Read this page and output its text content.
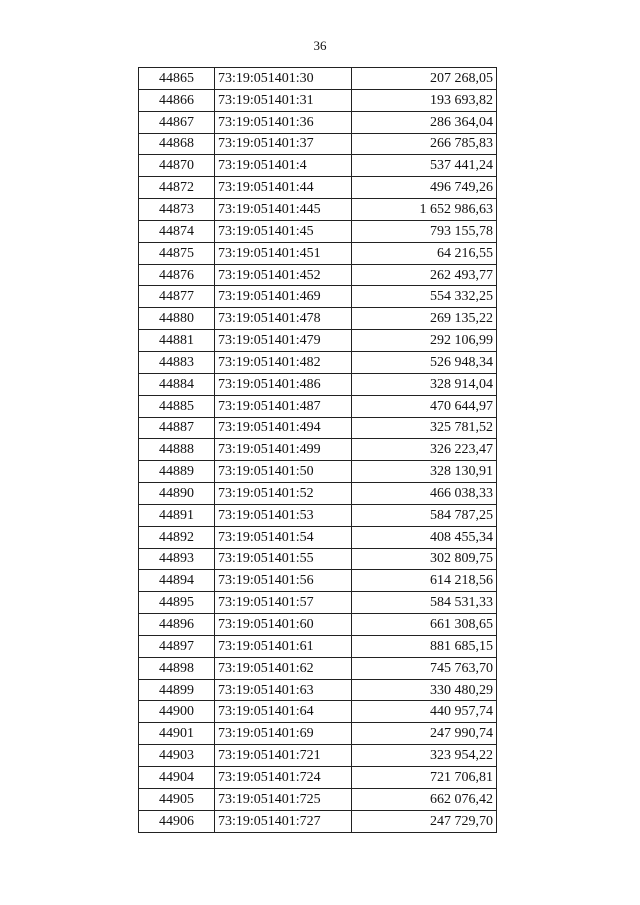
36
44865	73:19:051401:30	207 268,05
44866	73:19:051401:31	193 693,82
44867	73:19:051401:36	286 364,04
44868	73:19:051401:37	266 785,83
44870	73:19:051401:4	537 441,24
44872	73:19:051401:44	496 749,26
44873	73:19:051401:445	1 652 986,63
44874	73:19:051401:45	793 155,78
44875	73:19:051401:451	64 216,55
44876	73:19:051401:452	262 493,77
44877	73:19:051401:469	554 332,25
44880	73:19:051401:478	269 135,22
44881	73:19:051401:479	292 106,99
44883	73:19:051401:482	526 948,34
44884	73:19:051401:486	328 914,04
44885	73:19:051401:487	470 644,97
44887	73:19:051401:494	325 781,52
44888	73:19:051401:499	326 223,47
44889	73:19:051401:50	328 130,91
44890	73:19:051401:52	466 038,33
44891	73:19:051401:53	584 787,25
44892	73:19:051401:54	408 455,34
44893	73:19:051401:55	302 809,75
44894	73:19:051401:56	614 218,56
44895	73:19:051401:57	584 531,33
44896	73:19:051401:60	661 308,65
44897	73:19:051401:61	881 685,15
44898	73:19:051401:62	745 763,70
44899	73:19:051401:63	330 480,29
44900	73:19:051401:64	440 957,74
44901	73:19:051401:69	247 990,74
44903	73:19:051401:721	323 954,22
44904	73:19:051401:724	721 706,81
44905	73:19:051401:725	662 076,42
44906	73:19:051401:727	247 729,70
